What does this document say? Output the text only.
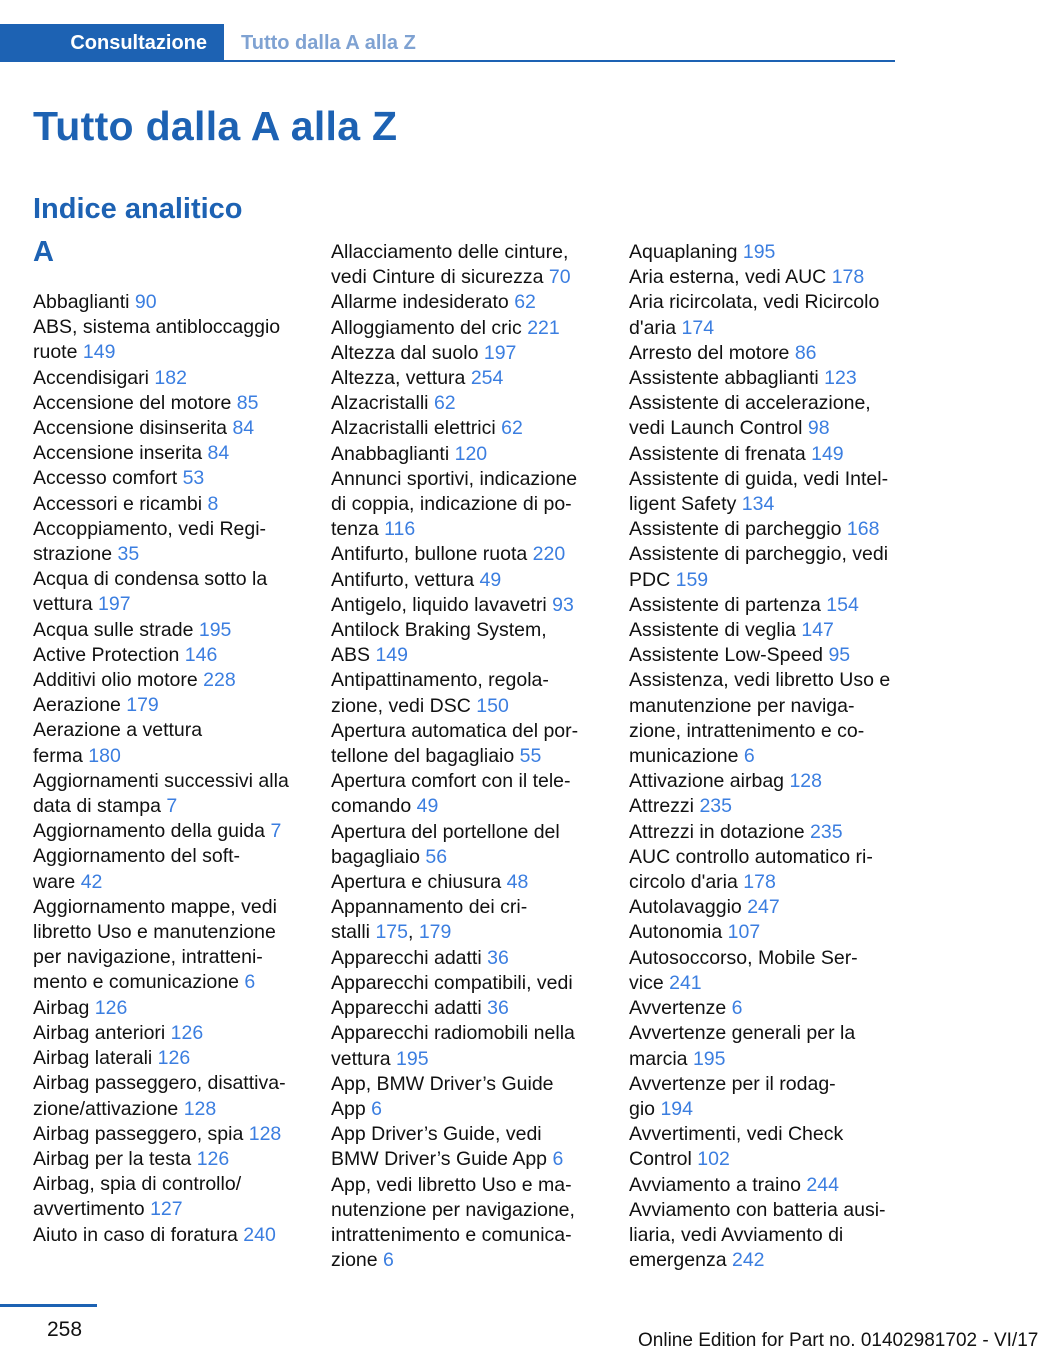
Consultazione	Tutto dalla A alla Z
Tutto dalla A alla Z
Indice analitico
A
Abbaglianti 90
ABS, sistema antibloccaggio
ruote 149
Accendisigari 182
Accensione del motore 85
Accensione disinserita 84
Accensione inserita 84
Accesso comfort 53
Accessori e ricambi 8
Accoppiamento, vedi Regi-
strazione 35
Acqua di condensa sotto la
vettura 197
Acqua sulle strade 195
Active Protection 146
Additivi olio motore 228
Aerazione 179
Aerazione a vettura
ferma 180
Aggiornamenti successivi alla
data di stampa 7
Aggiornamento della guida 7
Aggiornamento del soft-
ware 42
Aggiornamento mappe, vedi
libretto Uso e manutenzione
per navigazione, intratteni-
mento e comunicazione 6
Airbag 126
Airbag anteriori 126
Airbag laterali 126
Airbag passeggero, disattiva-
zione/attivazione 128
Airbag passeggero, spia 128
Airbag per la testa 126
Airbag, spia di controllo/
avvertimento 127
Aiuto in caso di foratura 240
Allacciamento delle cinture,
vedi Cinture di sicurezza 70
Allarme indesiderato 62
Alloggiamento del cric 221
Altezza dal suolo 197
Altezza, vettura 254
Alzacristalli 62
Alzacristalli elettrici 62
Anabbaglianti 120
Annunci sportivi, indicazione
di coppia, indicazione di po-
tenza 116
Antifurto, bullone ruota 220
Antifurto, vettura 49
Antigelo, liquido lavavetri 93
Antilock Braking System,
ABS 149
Antipattinamento, regola-
zione, vedi DSC 150
Apertura automatica del por-
tellone del bagagliaio 55
Apertura comfort con il tele-
comando 49
Apertura del portellone del
bagagliaio 56
Apertura e chiusura 48
Appannamento dei cri-
stalli 175, 179
Apparecchi adatti 36
Apparecchi compatibili, vedi
Apparecchi adatti 36
Apparecchi radiomobili nella
vettura 195
App, BMW Driver’s Guide
App 6
App Driver’s Guide, vedi
BMW Driver’s Guide App 6
App, vedi libretto Uso e ma-
nutenzione per navigazione,
intrattenimento e comunica-
zione 6
Aquaplaning 195
Aria esterna, vedi AUC 178
Aria ricircolata, vedi Ricircolo
d'aria 174
Arresto del motore 86
Assistente abbaglianti 123
Assistente di accelerazione,
vedi Launch Control 98
Assistente di frenata 149
Assistente di guida, vedi Intel-
ligent Safety 134
Assistente di parcheggio 168
Assistente di parcheggio, vedi
PDC 159
Assistente di partenza 154
Assistente di veglia 147
Assistente Low-Speed 95
Assistenza, vedi libretto Uso e
manutenzione per naviga-
zione, intrattenimento e co-
municazione 6
Attivazione airbag 128
Attrezzi 235
Attrezzi in dotazione 235
AUC controllo automatico ri-
circolo d'aria 178
Autolavaggio 247
Autonomia 107
Autosoccorso, Mobile Ser-
vice 241
Avvertenze 6
Avvertenze generali per la
marcia 195
Avvertenze per il rodag-
gio 194
Avvertimenti, vedi Check
Control 102
Avviamento a traino 244
Avviamento con batteria ausi-
liaria, vedi Avviamento di
emergenza 242
258	Online Edition for Part no. 01402981702 - VI/17
